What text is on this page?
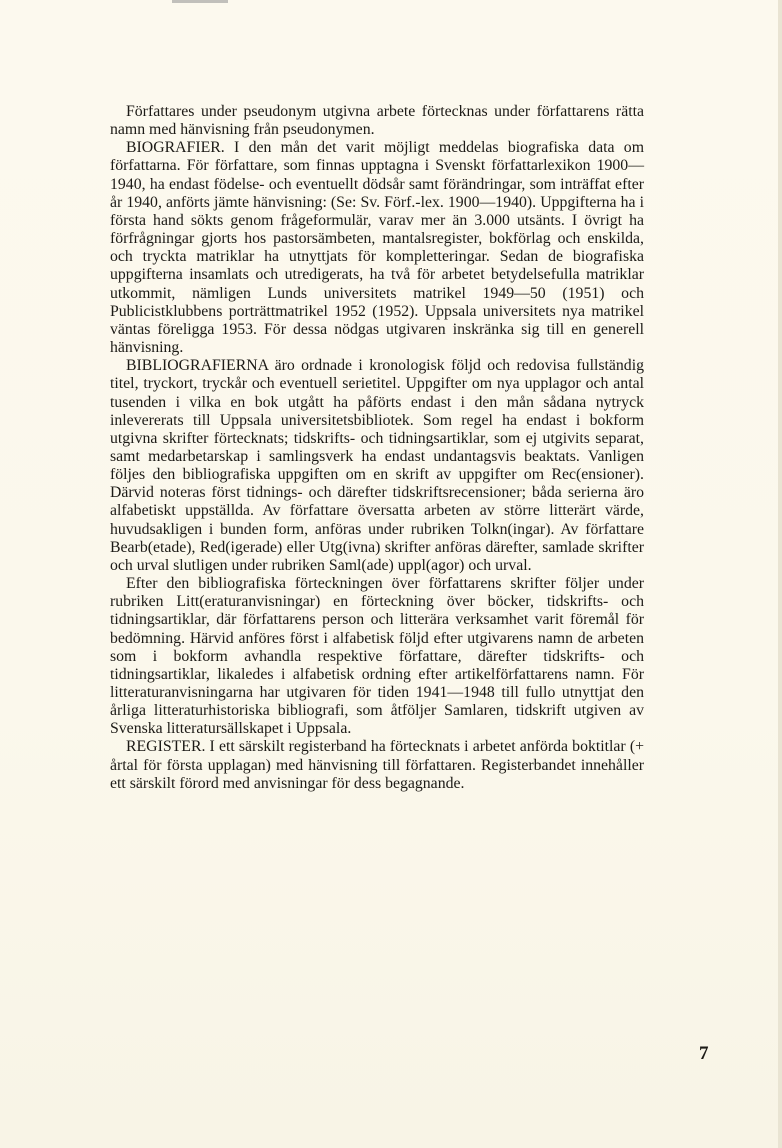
Författares under pseudonym utgivna arbete förtecknas under författarens rätta namn med hänvisning från pseudonymen.

BIOGRAFIER. I den mån det varit möjligt meddelas biografiska data om författarna. För författare, som finnas upptagna i Svenskt författarlexikon 1900—1940, ha endast födelse- och eventuellt dödsår samt förändringar, som inträffat efter år 1940, anförts jämte hänvisning: (Se: Sv. Förf.-lex. 1900—1940). Uppgifterna ha i första hand sökts genom frågeformulär, varav mer än 3.000 utsänts. I övrigt ha förfrågningar gjorts hos pastorsämbeten, mantalsregister, bokförlag och enskilda, och tryckta matriklar ha utnyttjats för kompletteringar. Sedan de biografiska uppgifterna insamlats och utredigerats, ha två för arbetet betydelsefulla matriklar utkommit, nämligen Lunds universitets matrikel 1949—50 (1951) och Publicistklubbens porträttmatrikel 1952 (1952). Uppsala universitets nya matrikel väntas föreligga 1953. För dessa nödgas utgivaren inskränka sig till en generell hänvisning.

BIBLIOGRAFIERNA äro ordnade i kronologisk följd och redovisa fullständig titel, tryckort, tryckår och eventuell serietitel. Uppgifter om nya upplagor och antal tusenden i vilka en bok utgått ha påförts endast i den mån sådana nytryck inlevererats till Uppsala universitetsbibliotek. Som regel ha endast i bokform utgivna skrifter förtecknats; tidskrifts- och tidningsartiklar, som ej utgivits separat, samt medarbetarskap i samlingsverk ha endast undantagsvis beaktats. Vanligen följes den bibliografiska uppgiften om en skrift av uppgifter om Rec(ensioner). Därvid noteras först tidnings- och därefter tidskriftsrecensioner; båda serierna äro alfabetiskt uppställda. Av författare översatta arbeten av större litterärt värde, huvudsakligen i bunden form, anföras under rubriken Tolkn(ingar). Av författare Bearb(etade), Red(igerade) eller Utg(ivna) skrifter anföras därefter, samlade skrifter och urval slutligen under rubriken Saml(ade) uppl(agor) och urval.

Efter den bibliografiska förteckningen över författarens skrifter följer under rubriken Litt(eraturanvisningar) en förteckning över böcker, tidskrifts- och tidningsartiklar, där författarens person och litterära verksamhet varit föremål för bedömning. Härvid anföres först i alfabetisk följd efter utgivarens namn de arbeten som i bokform avhandla respektive författare, därefter tidskrifts- och tidningsartiklar, likaledes i alfabetisk ordning efter artikelförfattarens namn. För litteraturanvisningarna har utgivaren för tiden 1941—1948 till fullo utnyttjat den årliga litteraturhistoriska bibliografi, som åtföljer Samlaren, tidskrift utgiven av Svenska litteratursällskapet i Uppsala.

REGISTER. I ett särskilt registerband ha förtecknats i arbetet anförda boktitlar (+ årtal för första upplagan) med hänvisning till författaren. Registerbandet innehåller ett särskilt förord med anvisningar för dess begagnande.

7
